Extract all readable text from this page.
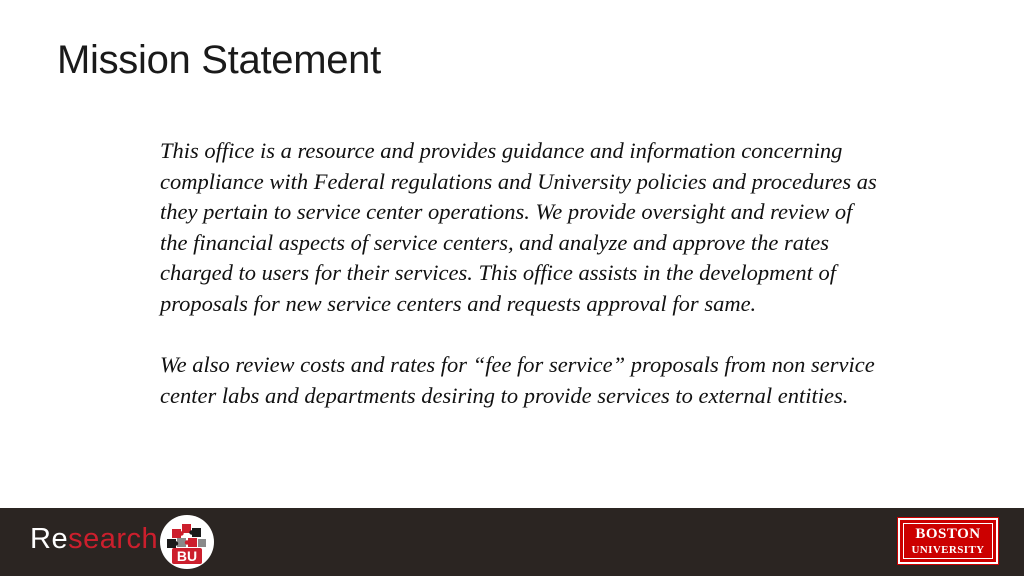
Mission Statement

This office is a resource and provides guidance and information concerning compliance with Federal regulations and University policies and procedures as they pertain to service center operations. We provide oversight and review of the financial aspects of service centers, and analyze and approve the rates charged to users for their services. This office assists in the development of proposals for new service centers and requests approval for same.

We also review costs and rates for “fee for service” proposals from non service center labs and departments desiring to provide services to external entities.

Research
BU
BOSTON
UNIVERSITY
